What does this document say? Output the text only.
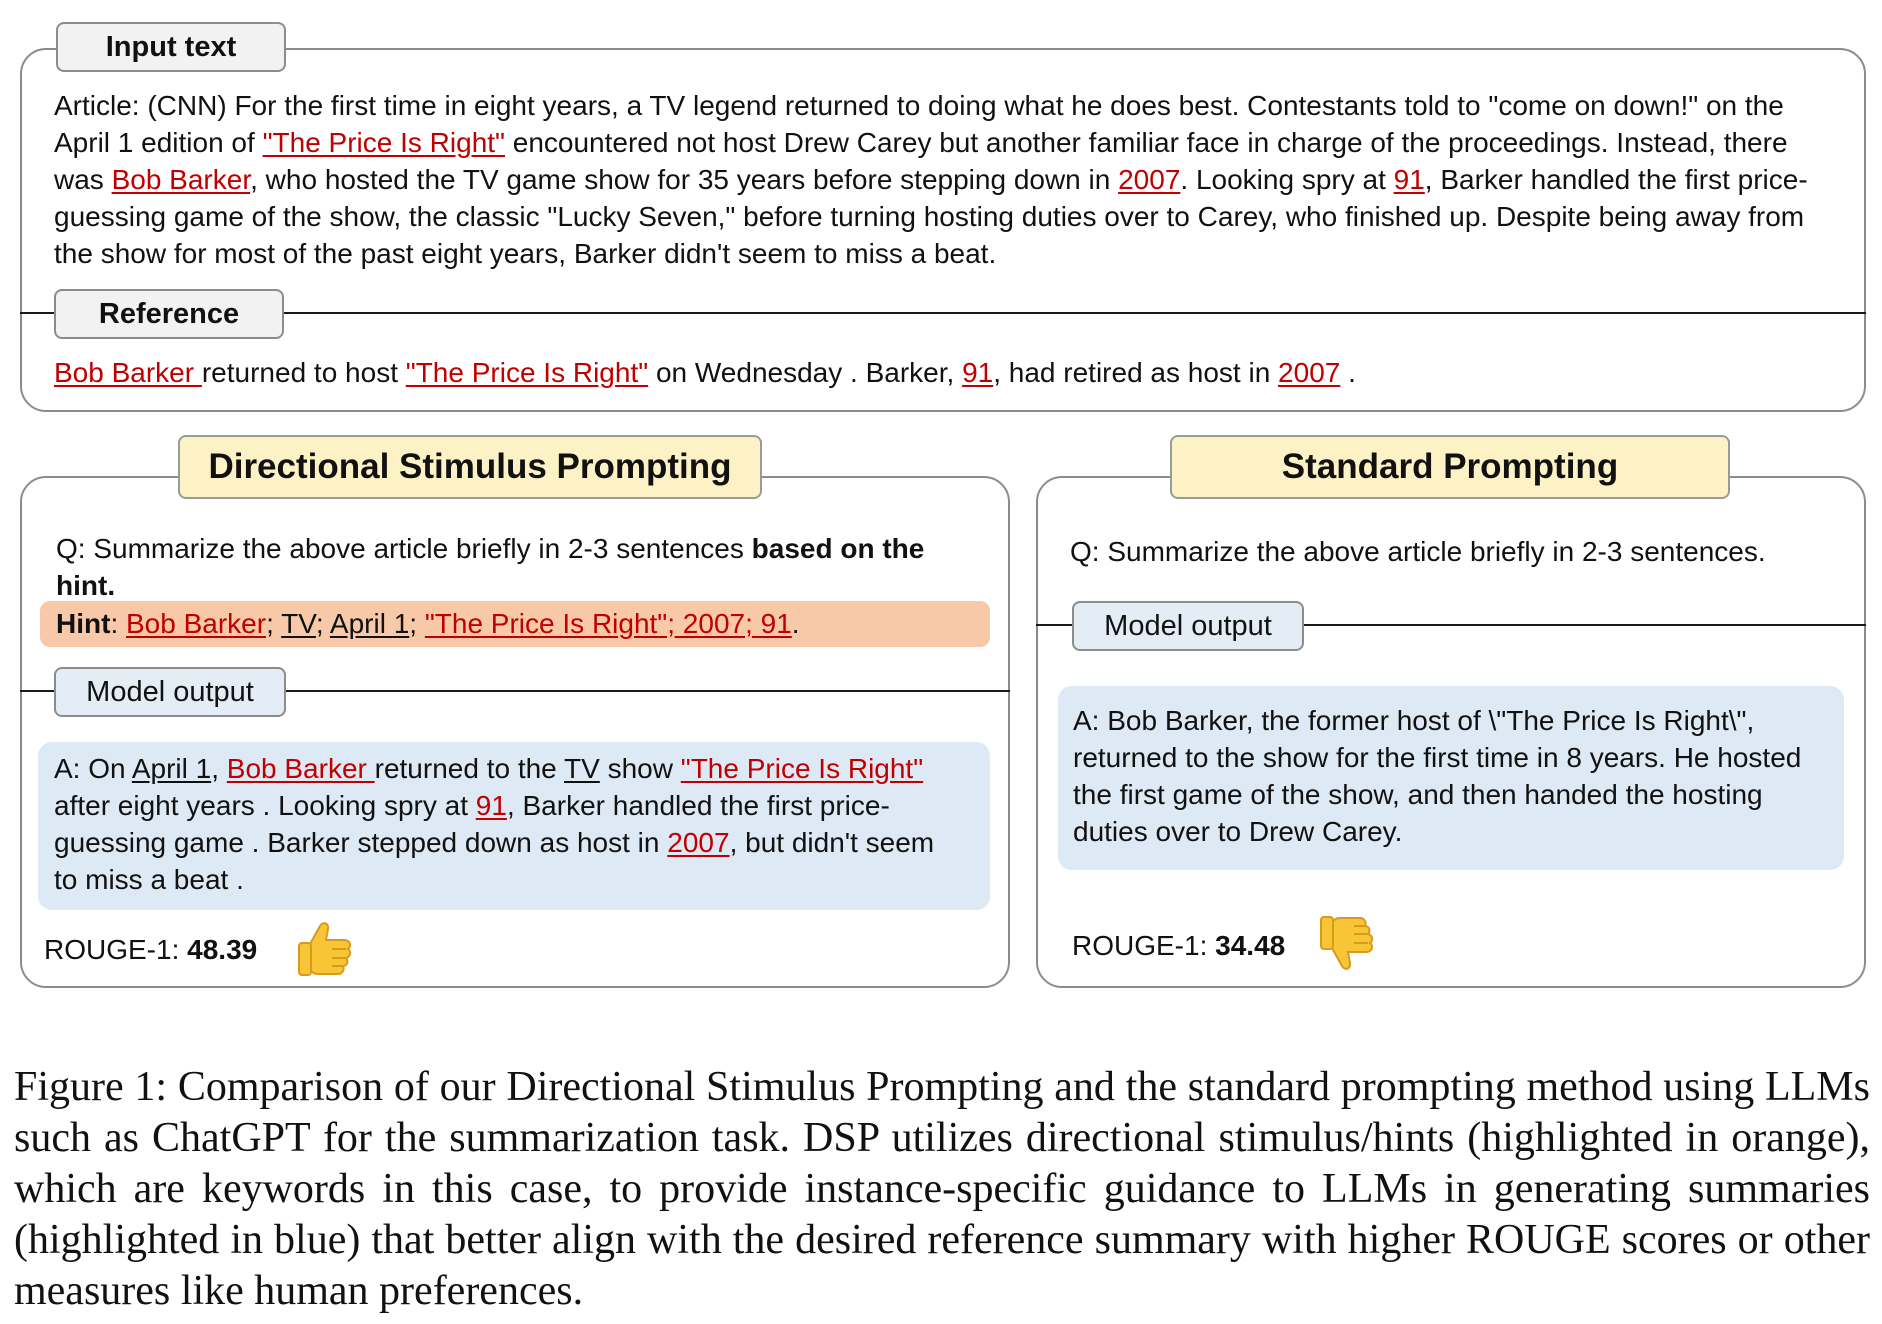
Input text
Article: (CNN) For the first time in eight years, a TV legend returned to doing what he does best. Contestants told to "come on down!" on the April 1 edition of "The Price Is Right" encountered not host Drew Carey but another familiar face in charge of the proceedings. Instead, there was Bob Barker, who hosted the TV game show for 35 years before stepping down in 2007. Looking spry at 91, Barker handled the first price-guessing game of the show, the classic "Lucky Seven," before turning hosting duties over to Carey, who finished up. Despite being away from the show for most of the past eight years, Barker didn't seem to miss a beat.
Reference
Bob Barker returned to host "The Price Is Right" on Wednesday . Barker, 91, had retired as host in 2007 .
Directional Stimulus Prompting
Q: Summarize the above article briefly in 2-3 sentences based on the hint.
Hint: Bob Barker; TV; April 1; "The Price Is Right"; 2007; 91.
Model output
A: On April 1, Bob Barker returned to the TV show "The Price Is Right" after eight years . Looking spry at 91, Barker handled the first price-guessing game . Barker stepped down as host in 2007, but didn't seem to miss a beat .
ROUGE-1: 48.39
Standard Prompting
Q: Summarize the above article briefly in 2-3 sentences.
Model output
A: Bob Barker, the former host of \"The Price Is Right\", returned to the show for the first time in 8 years. He hosted the first game of the show, and then handed the hosting duties over to Drew Carey.
ROUGE-1: 34.48
Figure 1: Comparison of our Directional Stimulus Prompting and the standard prompting method using LLMs such as ChatGPT for the summarization task. DSP utilizes directional stimulus/hints (highlighted in orange), which are keywords in this case, to provide instance-specific guidance to LLMs in generating summaries (highlighted in blue) that better align with the desired reference summary with higher ROUGE scores or other measures like human preferences.
